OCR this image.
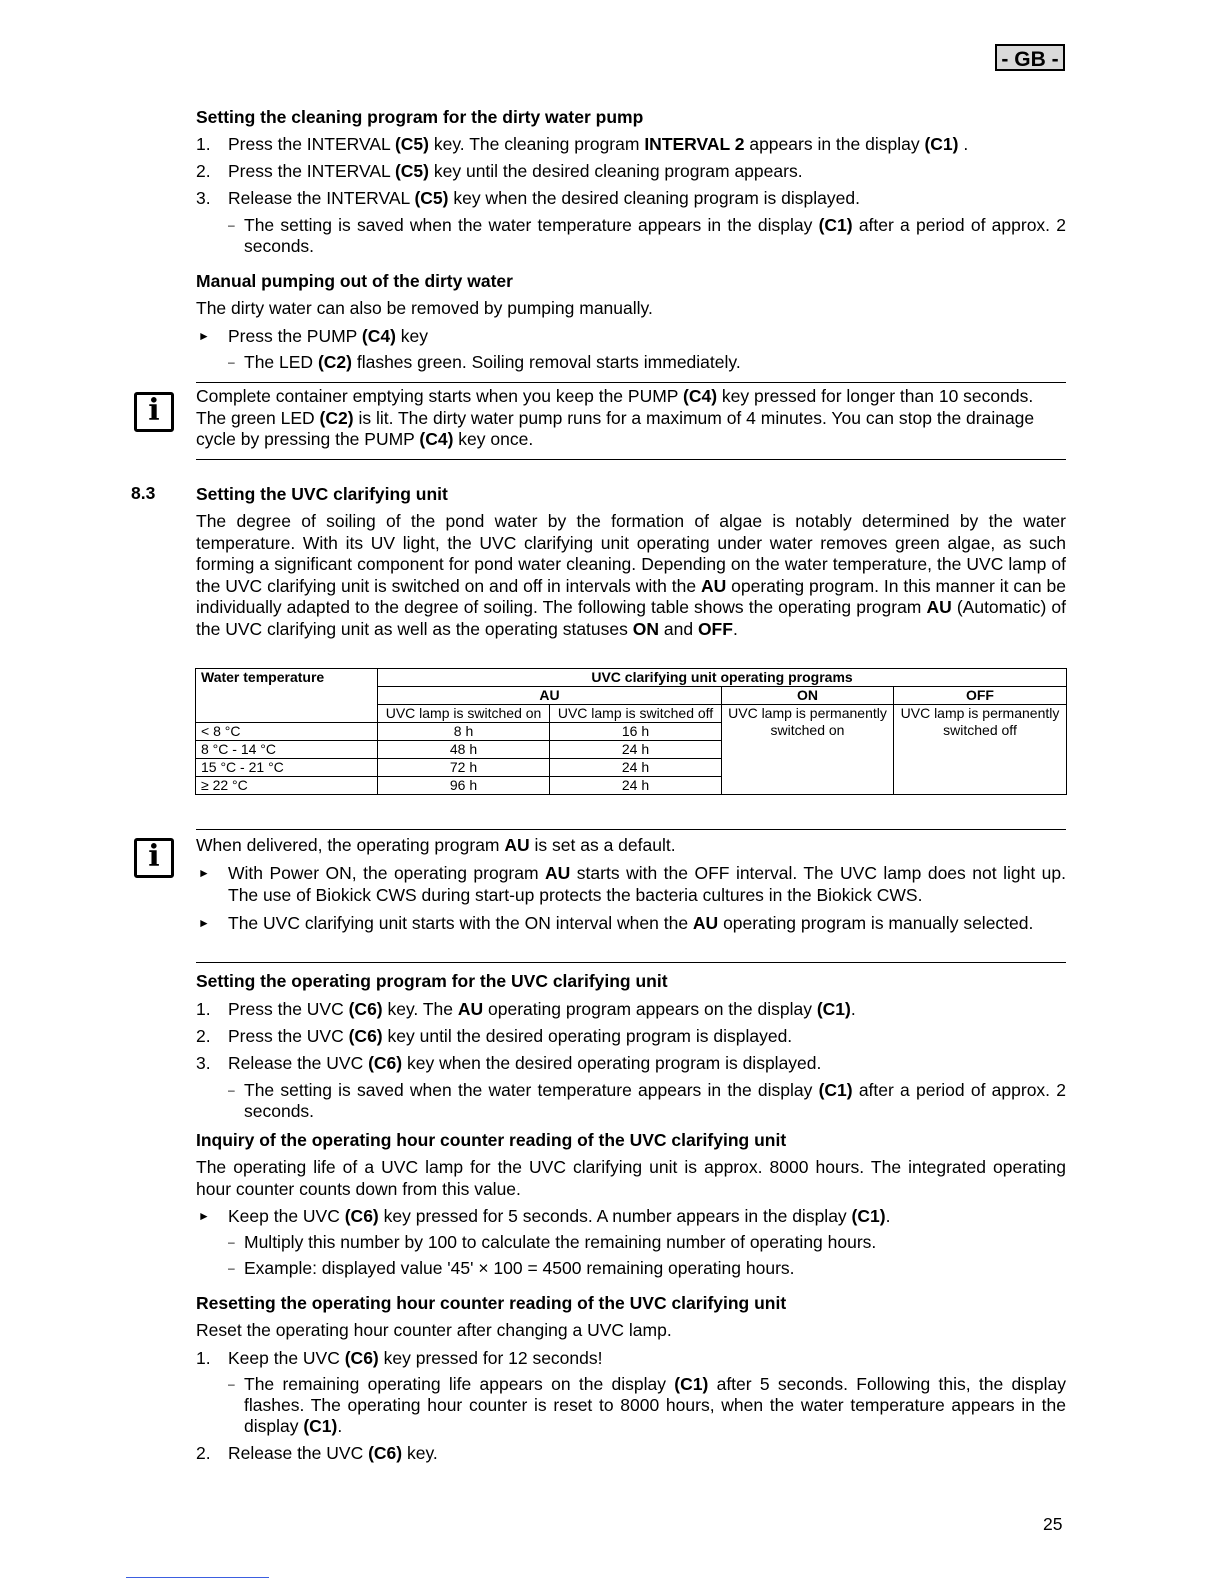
- GB -

Setting the cleaning program for the dirty water pump

1. Press the INTERVAL (C5) key. The cleaning program INTERVAL 2 appears in the display (C1) .
2. Press the INTERVAL (C5) key until the desired cleaning program appears.
3. Release the INTERVAL (C5) key when the desired cleaning program is displayed.
– The setting is saved when the water temperature appears in the display (C1) after a period of approx. 2 seconds.

Manual pumping out of the dirty water

The dirty water can also be removed by pumping manually.

► Press the PUMP (C4) key
– The LED (C2) flashes green. Soiling removal starts immediately.
i	Complete container emptying starts when you keep the PUMP (C4) key pressed for longer than 10 seconds. The green LED (C2) is lit. The dirty water pump runs for a maximum of 4 minutes. You can stop the drainage cycle by pressing the PUMP (C4) key once.

8.3 Setting the UVC clarifying unit

The degree of soiling of the pond water by the formation of algae is notably determined by the water temperature. With its UV light, the UVC clarifying unit operating under water removes green algae, as such forming a significant component for pond water cleaning. Depending on the water temperature, the UVC lamp of the UVC clarifying unit is switched on and off in intervals with the AU operating program. In this manner it can be individually adapted to the degree of soiling. The following table shows the operating program AU (Automatic) of the UVC clarifying unit as well as the operating statuses ON and OFF.

Water temperature	UVC clarifying unit operating programs			
	AU		ON	OFF
	UVC lamp is switched on	UVC lamp is switched off	UVC lamp is permanently switched on	UVC lamp is permanently switched off
< 8 °C	8 h	16 h		
8 °C - 14 °C	48 h	24 h		
15 °C - 21 °C	72 h	24 h		
≥ 22 °C	96 h	24 h		
i	When delivered, the operating program AU is set as a default.

► With Power ON, the operating program AU starts with the OFF interval. The UVC lamp does not light up. The use of Biokick CWS during start-up protects the bacteria cultures in the Biokick CWS.
► The UVC clarifying unit starts with the ON interval when the AU operating program is manually selected.

Setting the operating program for the UVC clarifying unit

1. Press the UVC (C6) key. The AU operating program appears on the display (C1).
2. Press the UVC (C6) key until the desired operating program is displayed.
3. Release the UVC (C6) key when the desired operating program is displayed.
– The setting is saved when the water temperature appears in the display (C1) after a period of approx. 2 seconds.

Inquiry of the operating hour counter reading of the UVC clarifying unit

The operating life of a UVC lamp for the UVC clarifying unit is approx. 8000 hours. The integrated operating hour counter counts down from this value.

► Keep the UVC (C6) key pressed for 5 seconds. A number appears in the display (C1).
– Multiply this number by 100 to calculate the remaining number of operating hours.
– Example: displayed value '45' × 100 = 4500 remaining operating hours.

Resetting the operating hour counter reading of the UVC clarifying unit

Reset the operating hour counter after changing a UVC lamp.

1. Keep the UVC (C6) key pressed for 12 seconds!
– The remaining operating life appears on the display (C1) after 5 seconds. Following this, the display flashes. The operating hour counter is reset to 8000 hours, when the water temperature appears in the display (C1).
2. Release the UVC (C6) key.
25
